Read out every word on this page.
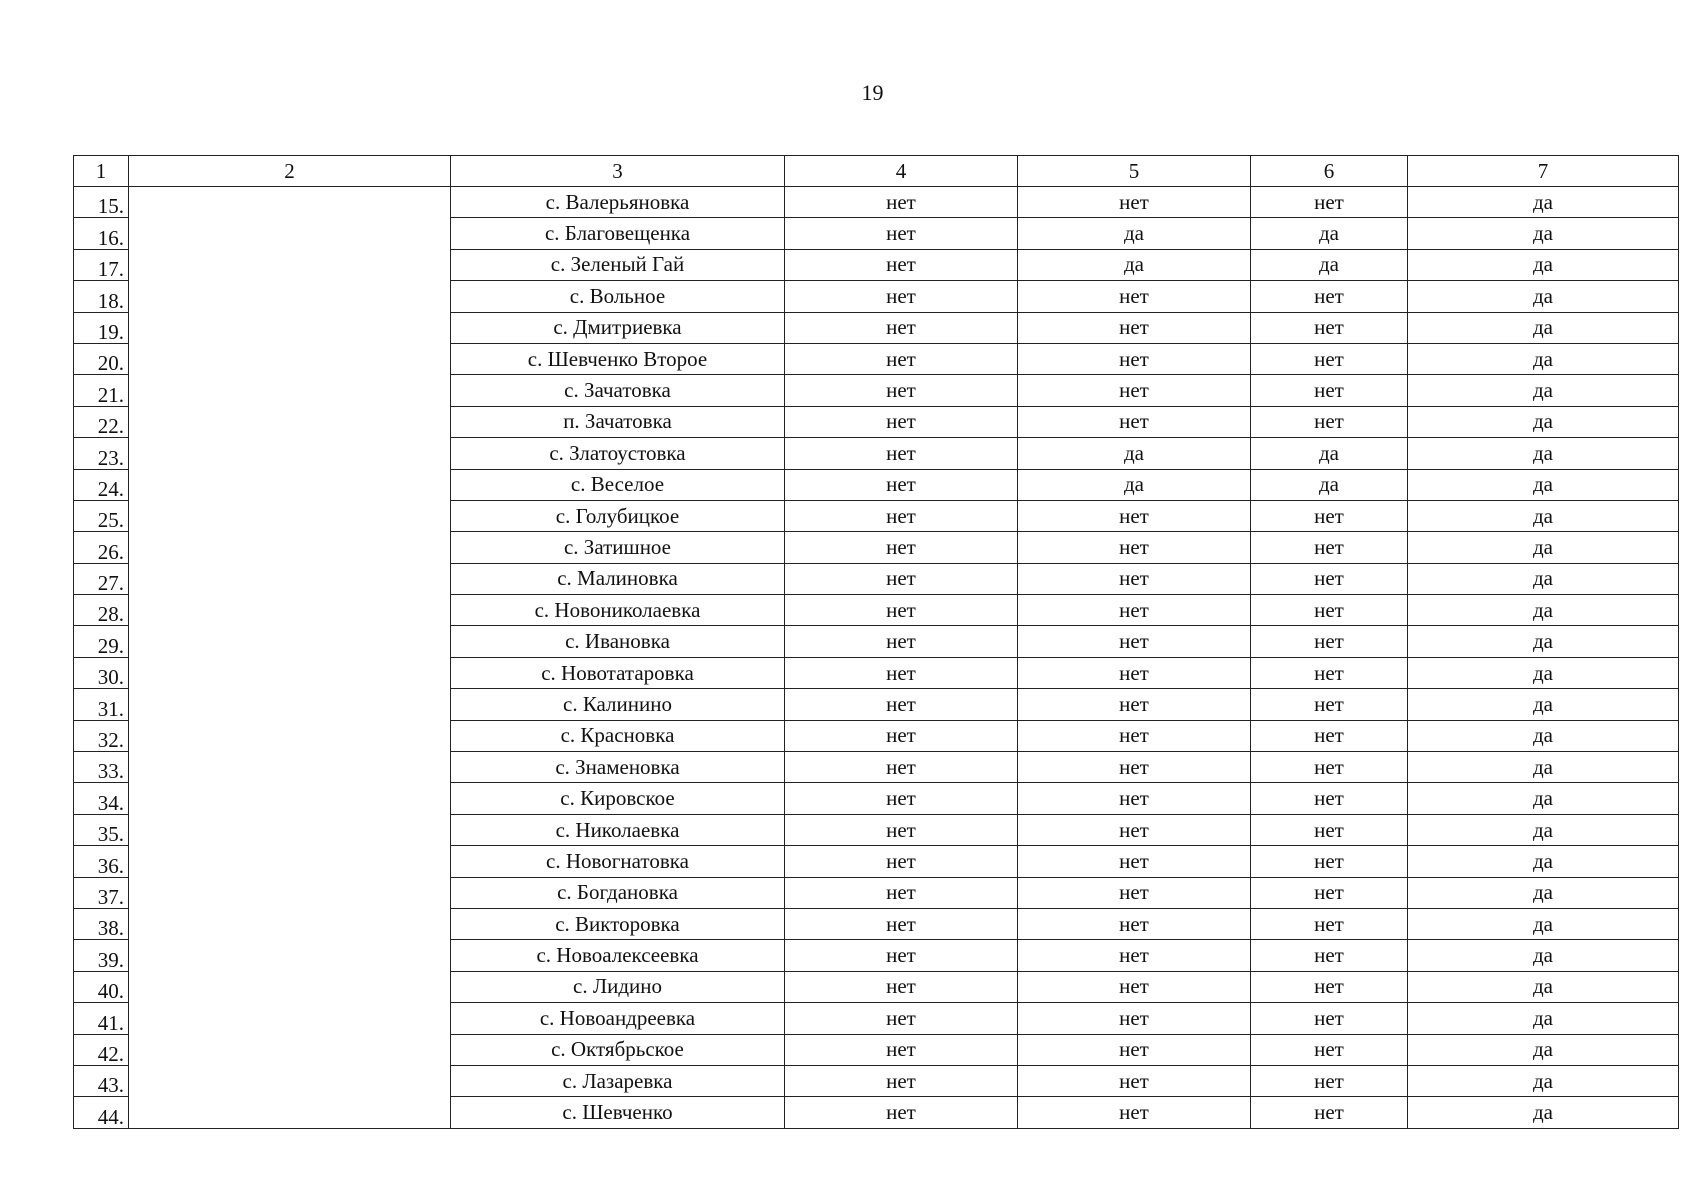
19
1	2	3	4	5	6	7
15.		с. Валерьяновка	нет	нет	нет	да
16.		с. Благовещенка	нет	да	да	да
17.		с. Зеленый Гай	нет	да	да	да
18.		с. Вольное	нет	нет	нет	да
19.		с. Дмитриевка	нет	нет	нет	да
20.		с. Шевченко Второе	нет	нет	нет	да
21.		с. Зачатовка	нет	нет	нет	да
22.		п. Зачатовка	нет	нет	нет	да
23.		с. Златоустовка	нет	да	да	да
24.		с. Веселое	нет	да	да	да
25.		с. Голубицкое	нет	нет	нет	да
26.		с. Затишное	нет	нет	нет	да
27.		с. Малиновка	нет	нет	нет	да
28.		с. Новониколаевка	нет	нет	нет	да
29.		с. Ивановка	нет	нет	нет	да
30.		с. Новотатаровка	нет	нет	нет	да
31.		с. Калинино	нет	нет	нет	да
32.		с. Красновка	нет	нет	нет	да
33.		с. Знаменовка	нет	нет	нет	да
34.		с. Кировское	нет	нет	нет	да
35.		с. Николаевка	нет	нет	нет	да
36.		с. Новогнатовка	нет	нет	нет	да
37.		с. Богдановка	нет	нет	нет	да
38.		с. Викторовка	нет	нет	нет	да
39.		с. Новоалексеевка	нет	нет	нет	да
40.		с. Лидино	нет	нет	нет	да
41.		с. Новоандреевка	нет	нет	нет	да
42.		с. Октябрьское	нет	нет	нет	да
43.		с. Лазаревка	нет	нет	нет	да
44.		с. Шевченко	нет	нет	нет	да
